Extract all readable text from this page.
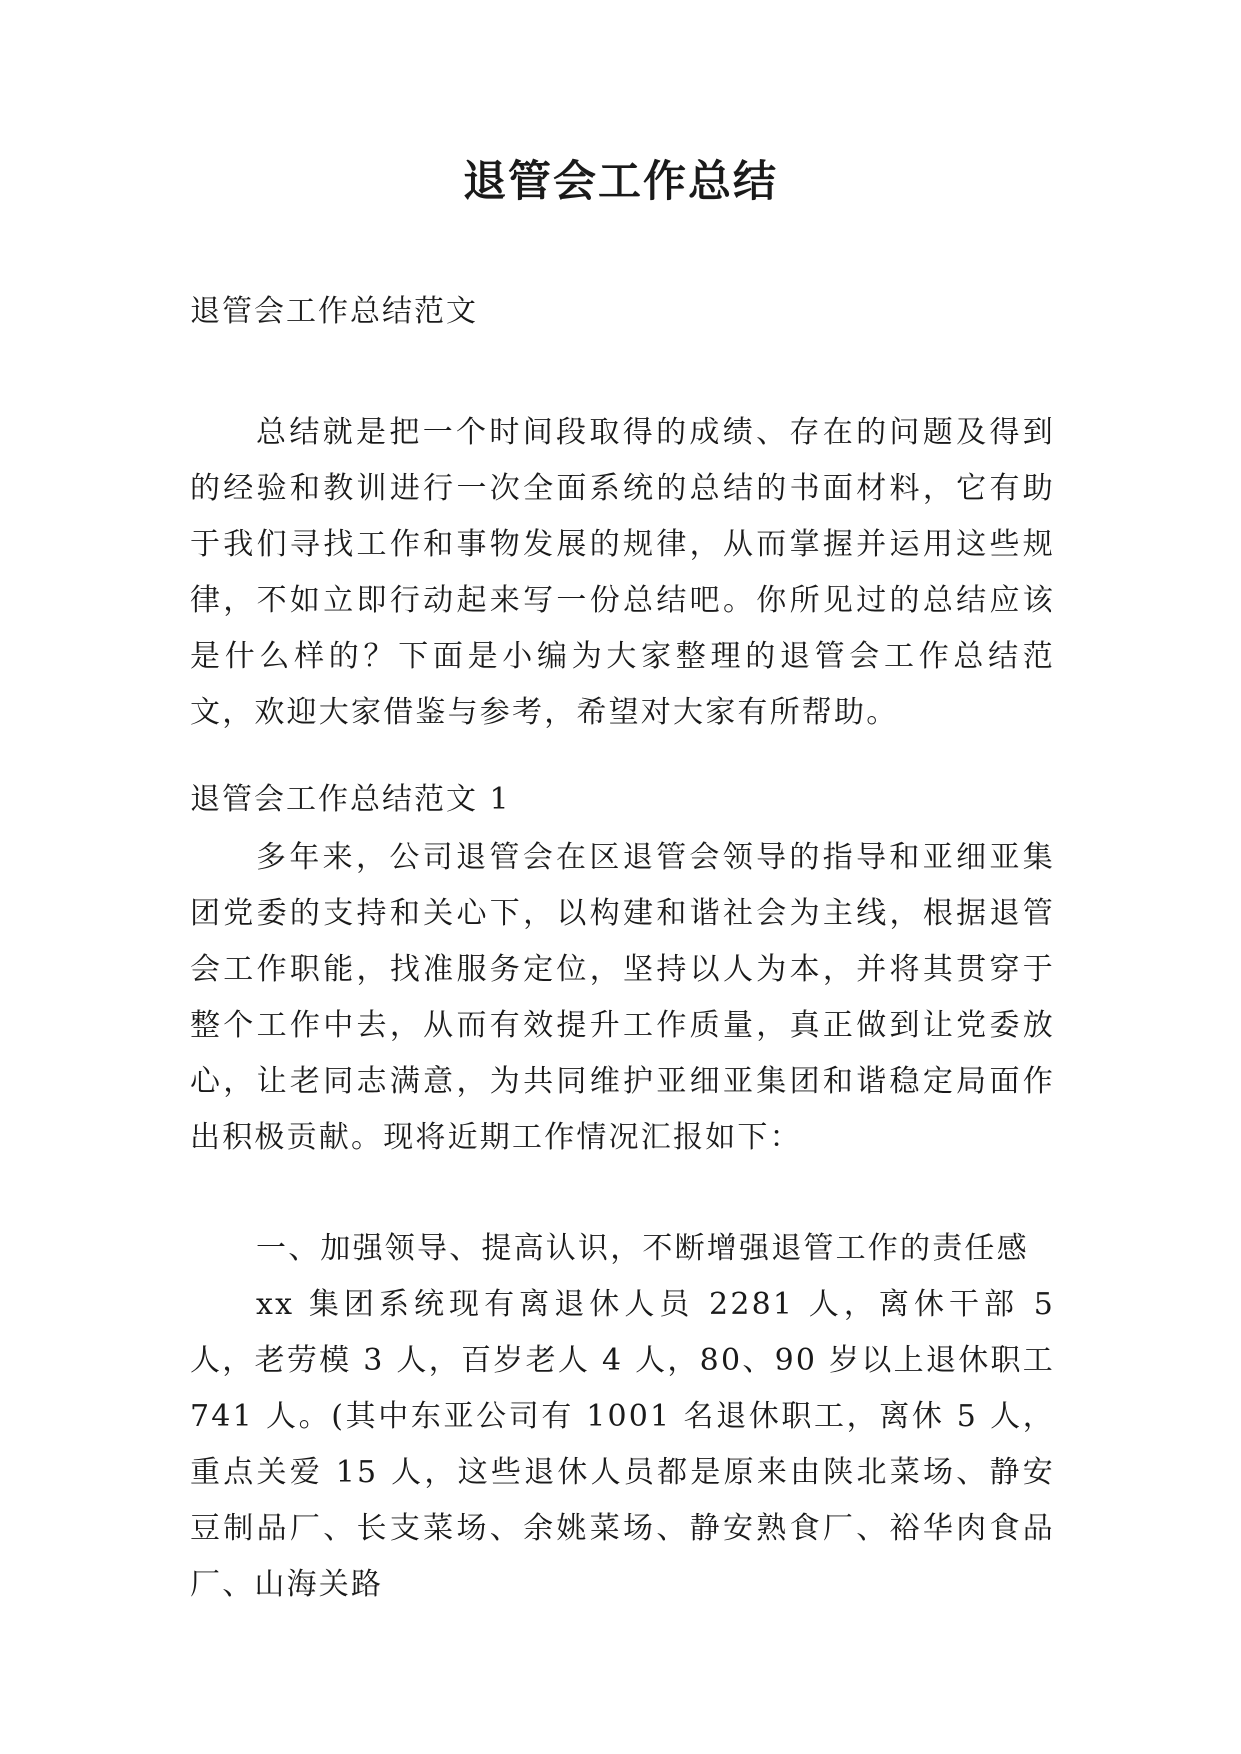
退管会工作总结

退管会工作总结范文

总结就是把一个时间段取得的成绩、存在的问题及得到的经验和教训进行一次全面系统的总结的书面材料，它有助于我们寻找工作和事物发展的规律，从而掌握并运用这些规律，不如立即行动起来写一份总结吧。你所见过的总结应该是什么样的？下面是小编为大家整理的退管会工作总结范文，欢迎大家借鉴与参考，希望对大家有所帮助。

退管会工作总结范文 1

多年来，公司退管会在区退管会领导的指导和亚细亚集团党委的支持和关心下，以构建和谐社会为主线，根据退管会工作职能，找准服务定位，坚持以人为本，并将其贯穿于整个工作中去，从而有效提升工作质量，真正做到让党委放心，让老同志满意，为共同维护亚细亚集团和谐稳定局面作出积极贡献。现将近期工作情况汇报如下：

一、加强领导、提高认识，不断增强退管工作的责任感

xx 集团系统现有离退休人员 2281 人，离休干部 5 人，老劳模 3 人，百岁老人 4 人，80、90 岁以上退休职工 741 人。(其中东亚公司有 1001 名退休职工，离休 5 人，重点关爱 15 人，这些退休人员都是原来由陕北菜场、静安豆制品厂、长支菜场、余姚菜场、静安熟食厂、裕华肉食品厂、山海关路
